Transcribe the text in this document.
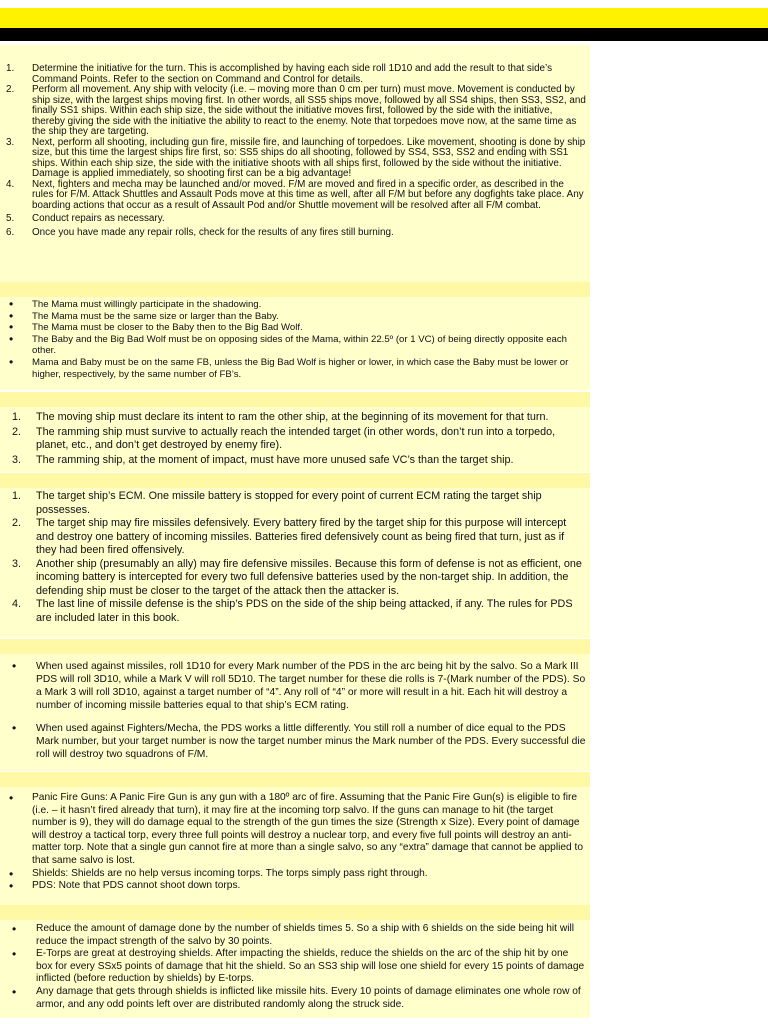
1.	Determine the initiative for the turn. This is accomplished by having each side roll 1D10 and add the result to that side’s Command Points. Refer to the section on Command and Control for details.
2.	Perform all movement. Any ship with velocity (i.e. – moving more than 0 cm per turn) must move. Movement is conducted by ship size, with the largest ships moving first. In other words, all SS5 ships move, followed by all SS4 ships, then SS3, SS2, and finally SS1 ships. Within each ship size, the side without the initiative moves first, followed by the side with the initiative, thereby giving the side with the initiative the ability to react to the enemy. Note that torpedoes move now, at the same time as the ship they are targeting.
3.	Next, perform all shooting, including gun fire, missile fire, and launching of torpedoes. Like movement, shooting is done by ship size, but this time the largest ships fire first, so: SS5 ships do all shooting, followed by SS4, SS3, SS2 and ending with SS1 ships. Within each ship size, the side with the initiative shoots with all ships first, followed by the side without the initiative. Damage is applied immediately, so shooting first can be a big advantage!
4.	Next, fighters and mecha may be launched and/or moved. F/M are moved and fired in a specific order, as described in the rules for F/M. Attack Shuttles and Assault Pods move at this time as well, after all F/M but before any dogfights take place. Any boarding actions that occur as a result of Assault Pod and/or Shuttle movement will be resolved after all F/M combat.
5.	Conduct repairs as necessary.
6.	Once you have made any repair rolls, check for the results of any fires still burning.
•	The Mama must willingly participate in the shadowing.
•	The Mama must be the same size or larger than the Baby.
•	The Mama must be closer to the Baby then to the Big Bad Wolf.
•	The Baby and the Big Bad Wolf must be on opposing sides of the Mama, within 22.5º (or 1 VC) of being directly opposite each other.
•	Mama and Baby must be on the same FB, unless the Big Bad Wolf is higher or lower, in which case the Baby must be lower or higher, respectively, by the same number of FB’s.
1.	The moving ship must declare its intent to ram the other ship, at the beginning of its movement for that turn.
2.	The ramming ship must survive to actually reach the intended target (in other words, don’t run into a torpedo, planet, etc., and don’t get destroyed by enemy fire).
3.	The ramming ship, at the moment of impact, must have more unused safe VC’s than the target ship.
1.	The target ship’s ECM. One missile battery is stopped for every point of current ECM rating the target ship possesses.
2.	The target ship may fire missiles defensively. Every battery fired by the target ship for this purpose will intercept and destroy one battery of incoming missiles. Batteries fired defensively count as being fired that turn, just as if they had been fired offensively.
3.	Another ship (presumably an ally) may fire defensive missiles. Because this form of defense is not as efficient, one incoming battery is intercepted for every two full defensive batteries used by the non-target ship. In addition, the defending ship must be closer to the target of the attack then the attacker is.
4.	The last line of missile defense is the ship’s PDS on the side of the ship being attacked, if any. The rules for PDS are included later in this book.
•	When used against missiles, roll 1D10 for every Mark number of the PDS in the arc being hit by the salvo. So a Mark III PDS will roll 3D10, while a Mark V will roll 5D10. The target number for these die rolls is 7-(Mark number of the PDS). So a Mark 3 will roll 3D10, against a target number of “4”. Any roll of “4” or more will result in a hit. Each hit will destroy a number of incoming missile batteries equal to that ship’s ECM rating.
•	When used against Fighters/Mecha, the PDS works a little differently. You still roll a number of dice equal to the PDS Mark number, but your target number is now the target number minus the Mark number of the PDS. Every successful die roll will destroy two squadrons of F/M.
•	Panic Fire Guns: A Panic Fire Gun is any gun with a 180º arc of fire. Assuming that the Panic Fire Gun(s) is eligible to fire (i.e. – it hasn’t fired already that turn), it may fire at the incoming torp salvo. If the guns can manage to hit (the target number is 9), they will do damage equal to the strength of the gun times the size (Strength x Size). Every point of damage will destroy a tactical torp, every three full points will destroy a nuclear torp, and every five full points will destroy an anti-matter torp. Note that a single gun cannot fire at more than a single salvo, so any “extra” damage that cannot be applied to that same salvo is lost.
•	Shields: Shields are no help versus incoming torps. The torps simply pass right through.
•	PDS: Note that PDS cannot shoot down torps.
•	Reduce the amount of damage done by the number of shields times 5. So a ship with 6 shields on the side being hit will reduce the impact strength of the salvo by 30 points.
•	E-Torps are great at destroying shields. After impacting the shields, reduce the shields on the arc of the ship hit by one box for every SSx5 points of damage that hit the shield. So an SS3 ship will lose one shield for every 15 points of damage inflicted (before reduction by shields) by E-torps.
•	Any damage that gets through shields is inflicted like missile hits. Every 10 points of damage eliminates one whole row of armor, and any odd points left over are distributed randomly along the struck side.
